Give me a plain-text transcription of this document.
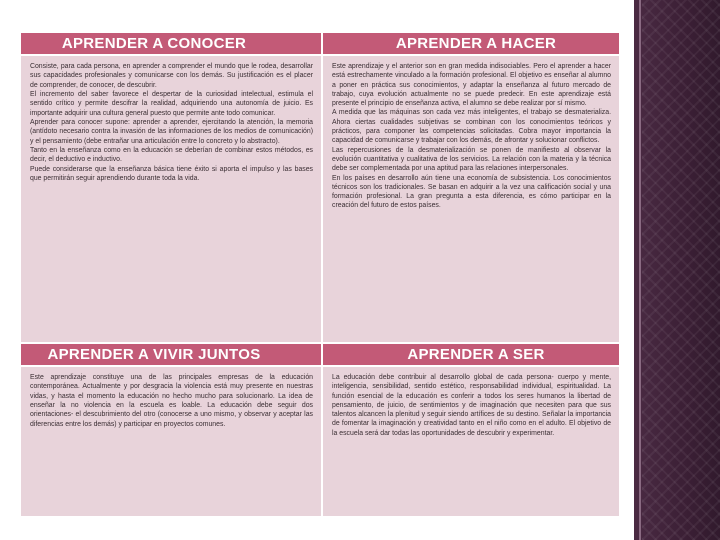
APRENDER A CONOCER	APRENDER A HACER

Consiste, para cada persona, en aprender a comprender el mundo que le rodea, desarrollar sus capacidades profesionales y comunicarse con los demás. Su justificación es el placer de comprender, de conocer, de descubrir.
El incremento del saber favorece el despertar de la curiosidad intelectual, estimula el sentido crítico y permite descifrar la realidad, adquiriendo una autonomía de juicio. Es importante adquirir una cultura general puesto que permite ante todo comunicar.
Aprender para conocer supone: aprender a aprender, ejercitando la atención, la memoria (antídoto necesario contra la invasión de las informaciones de los medios de comunicación) y el pensamiento (debe entrañar una articulación entre lo concreto y lo abstracto).
Tanto en la enseñanza como en la educación se deberían de combinar estos métodos, es decir, el deductivo e inductivo.
Puede considerarse que la enseñanza básica tiene éxito si aporta el impulso y las bases que permitirán seguir aprendiendo durante toda la vida.

Este aprendizaje y el anterior son en gran medida indisociables. Pero el aprender a hacer está estrechamente vinculado a la formación profesional. El objetivo es enseñar al alumno a poner en práctica sus conocimientos, y adaptar la enseñanza al futuro mercado de trabajo, cuya evolución actualmente no se puede predecir. En este aprendizaje está presente el principio de enseñanza activa, el alumno se debe realizar por sí mismo.
A medida que las máquinas son cada vez más inteligentes, el trabajo se desmaterializa. Ahora ciertas cualidades subjetivas se combinan con los conocimientos teóricos y prácticos, para componer las competencias solicitadas. Cobra mayor importancia la capacidad de comunicarse y trabajar con los demás, de afrontar y solucionar conflictos.
Las repercusiones de la desmaterialización se ponen de manifiesto al observar la evolución cuantitativa y cualitativa de los servicios. La relación con la materia y la técnica debe ser complementada por una aptitud para las relaciones interpersonales.
En los países en desarrollo aún tiene una economía de subsistencia. Los conocimientos técnicos son los tradicionales. Se basan en adquirir a la vez una calificación social y una formación profesional. La gran pregunta a esta diferencia, es cómo participar en la creación del futuro de estos países.

APRENDER A VIVIR JUNTOS	APRENDER A SER

Este aprendizaje constituye una de las principales empresas de la educación contemporánea. Actualmente y por desgracia la violencia está muy presente en nuestras vidas, y hasta el momento la educación no hecho mucho para solucionarlo. La idea de enseñar la no violencia en la escuela es loable. La educación debe seguir dos orientaciones- el descubrimiento del otro (conocerse a uno mismo, y observar y aceptar las diferencias entre los demás) y participar en proyectos comunes.

La educación debe contribuir al desarrollo global de cada persona- cuerpo y mente, inteligencia, sensibilidad, sentido estético, responsabilidad individual, espiritualidad. La función esencial de la educación es conferir a todos los seres humanos la libertad de pensamiento, de juicio, de sentimientos y de imaginación que necesiten para que sus talentos alcancen la plenitud y seguir siendo artífices de su destino. Señalar la importancia de fomentar la imaginación y creatividad tanto en el niño como en el adulto. El objetivo de la escuela será dar todas las oportunidades de descubrir y experimentar.
